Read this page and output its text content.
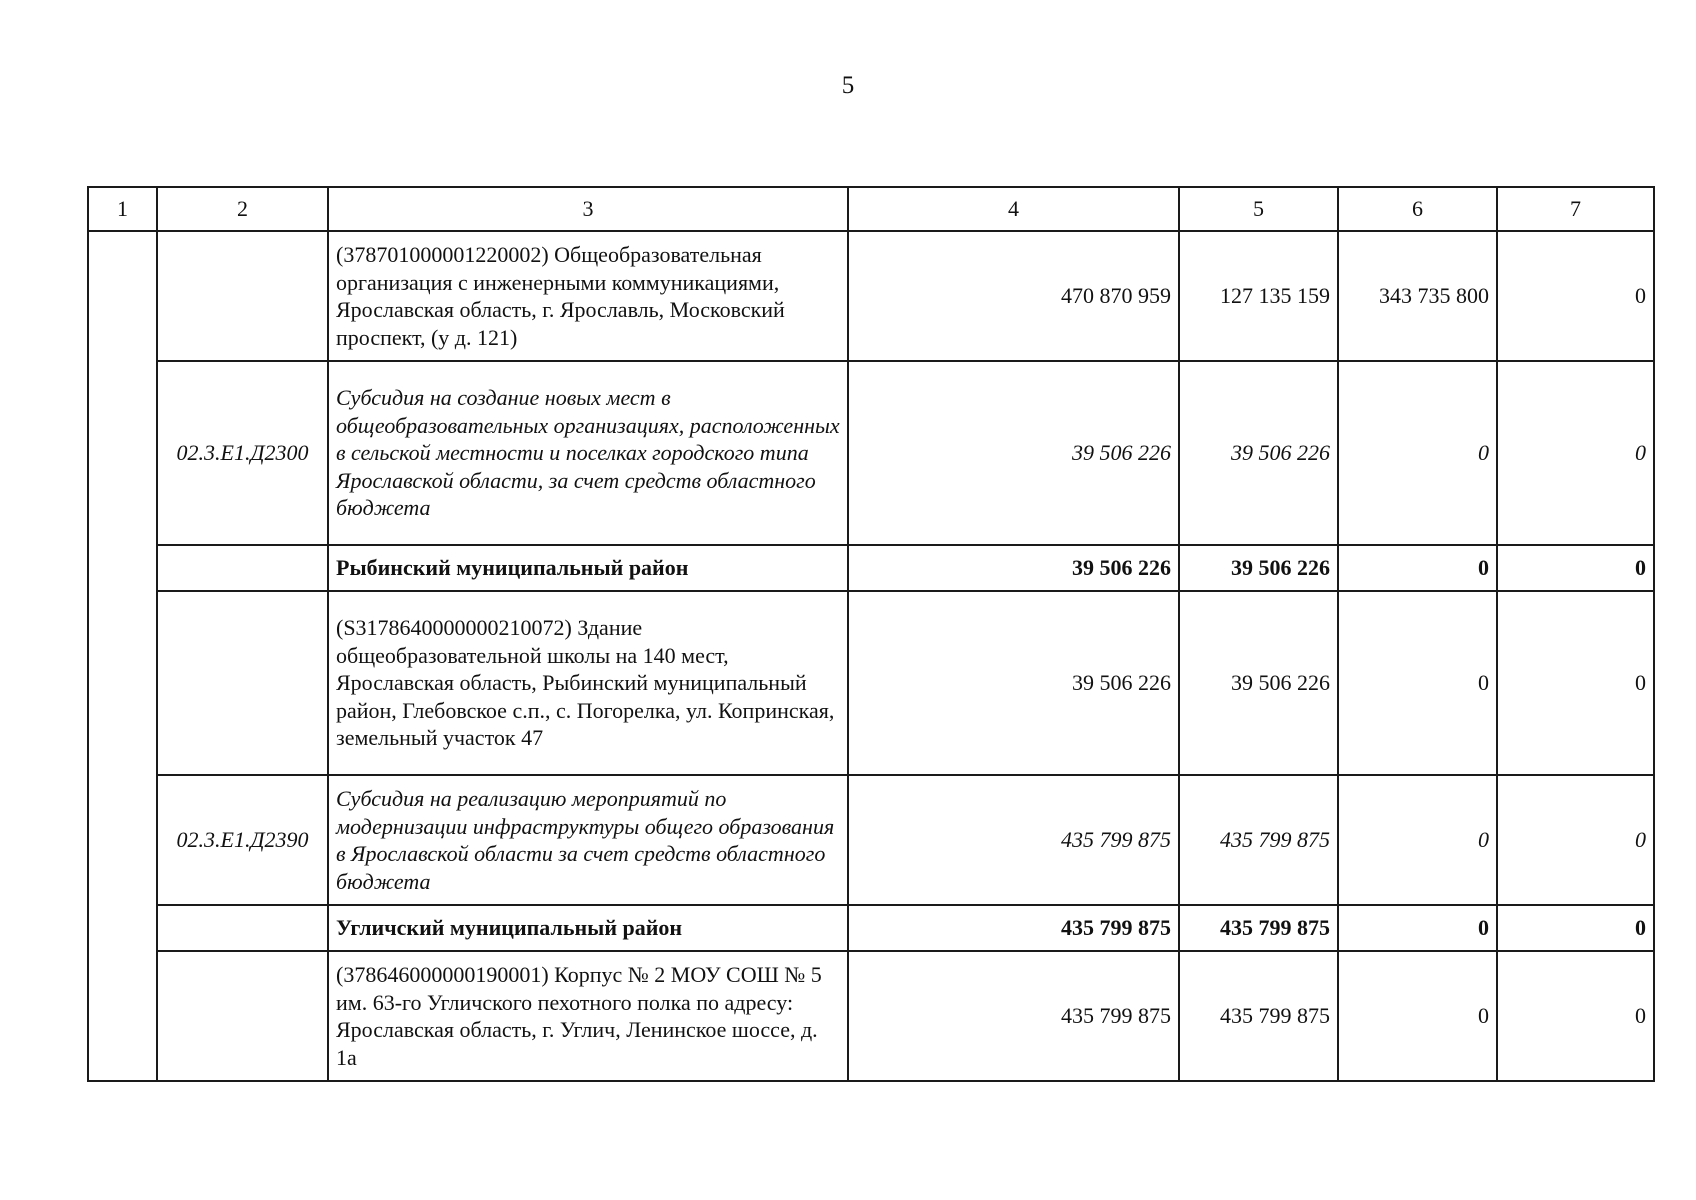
5
1	2	3	4	5	6	7
		(378701000001220002) Общеобразовательная организация с инженерными коммуникациями, Ярославская область, г. Ярославль, Московский проспект, (у д. 121)	470 870 959	127 135 159	343 735 800	0
	02.3.E1.Д2300	Субсидия на создание новых мест в общеобразовательных организациях, расположенных в сельской местности и поселках городского типа Ярославской области, за счет средств областного бюджета	39 506 226	39 506 226	0	0
		Рыбинский муниципальный район	39 506 226	39 506 226	0	0
		(S3178640000000210072) Здание общеобразовательной школы на 140 мест, Ярославская область, Рыбинский муниципальный район, Глебовское с.п., с. Погорелка, ул. Копринская, земельный участок 47	39 506 226	39 506 226	0	0
	02.3.E1.Д2390	Субсидия на реализацию мероприятий по модернизации инфраструктуры общего образования в Ярославской области за счет средств областного бюджета	435 799 875	435 799 875	0	0
		Угличский муниципальный район	435 799 875	435 799 875	0	0
		(378646000000190001) Корпус № 2 МОУ СОШ № 5 им. 63-го Угличского пехотного полка по адресу: Ярославская область, г. Углич, Ленинское шоссе, д. 1а	435 799 875	435 799 875	0	0
